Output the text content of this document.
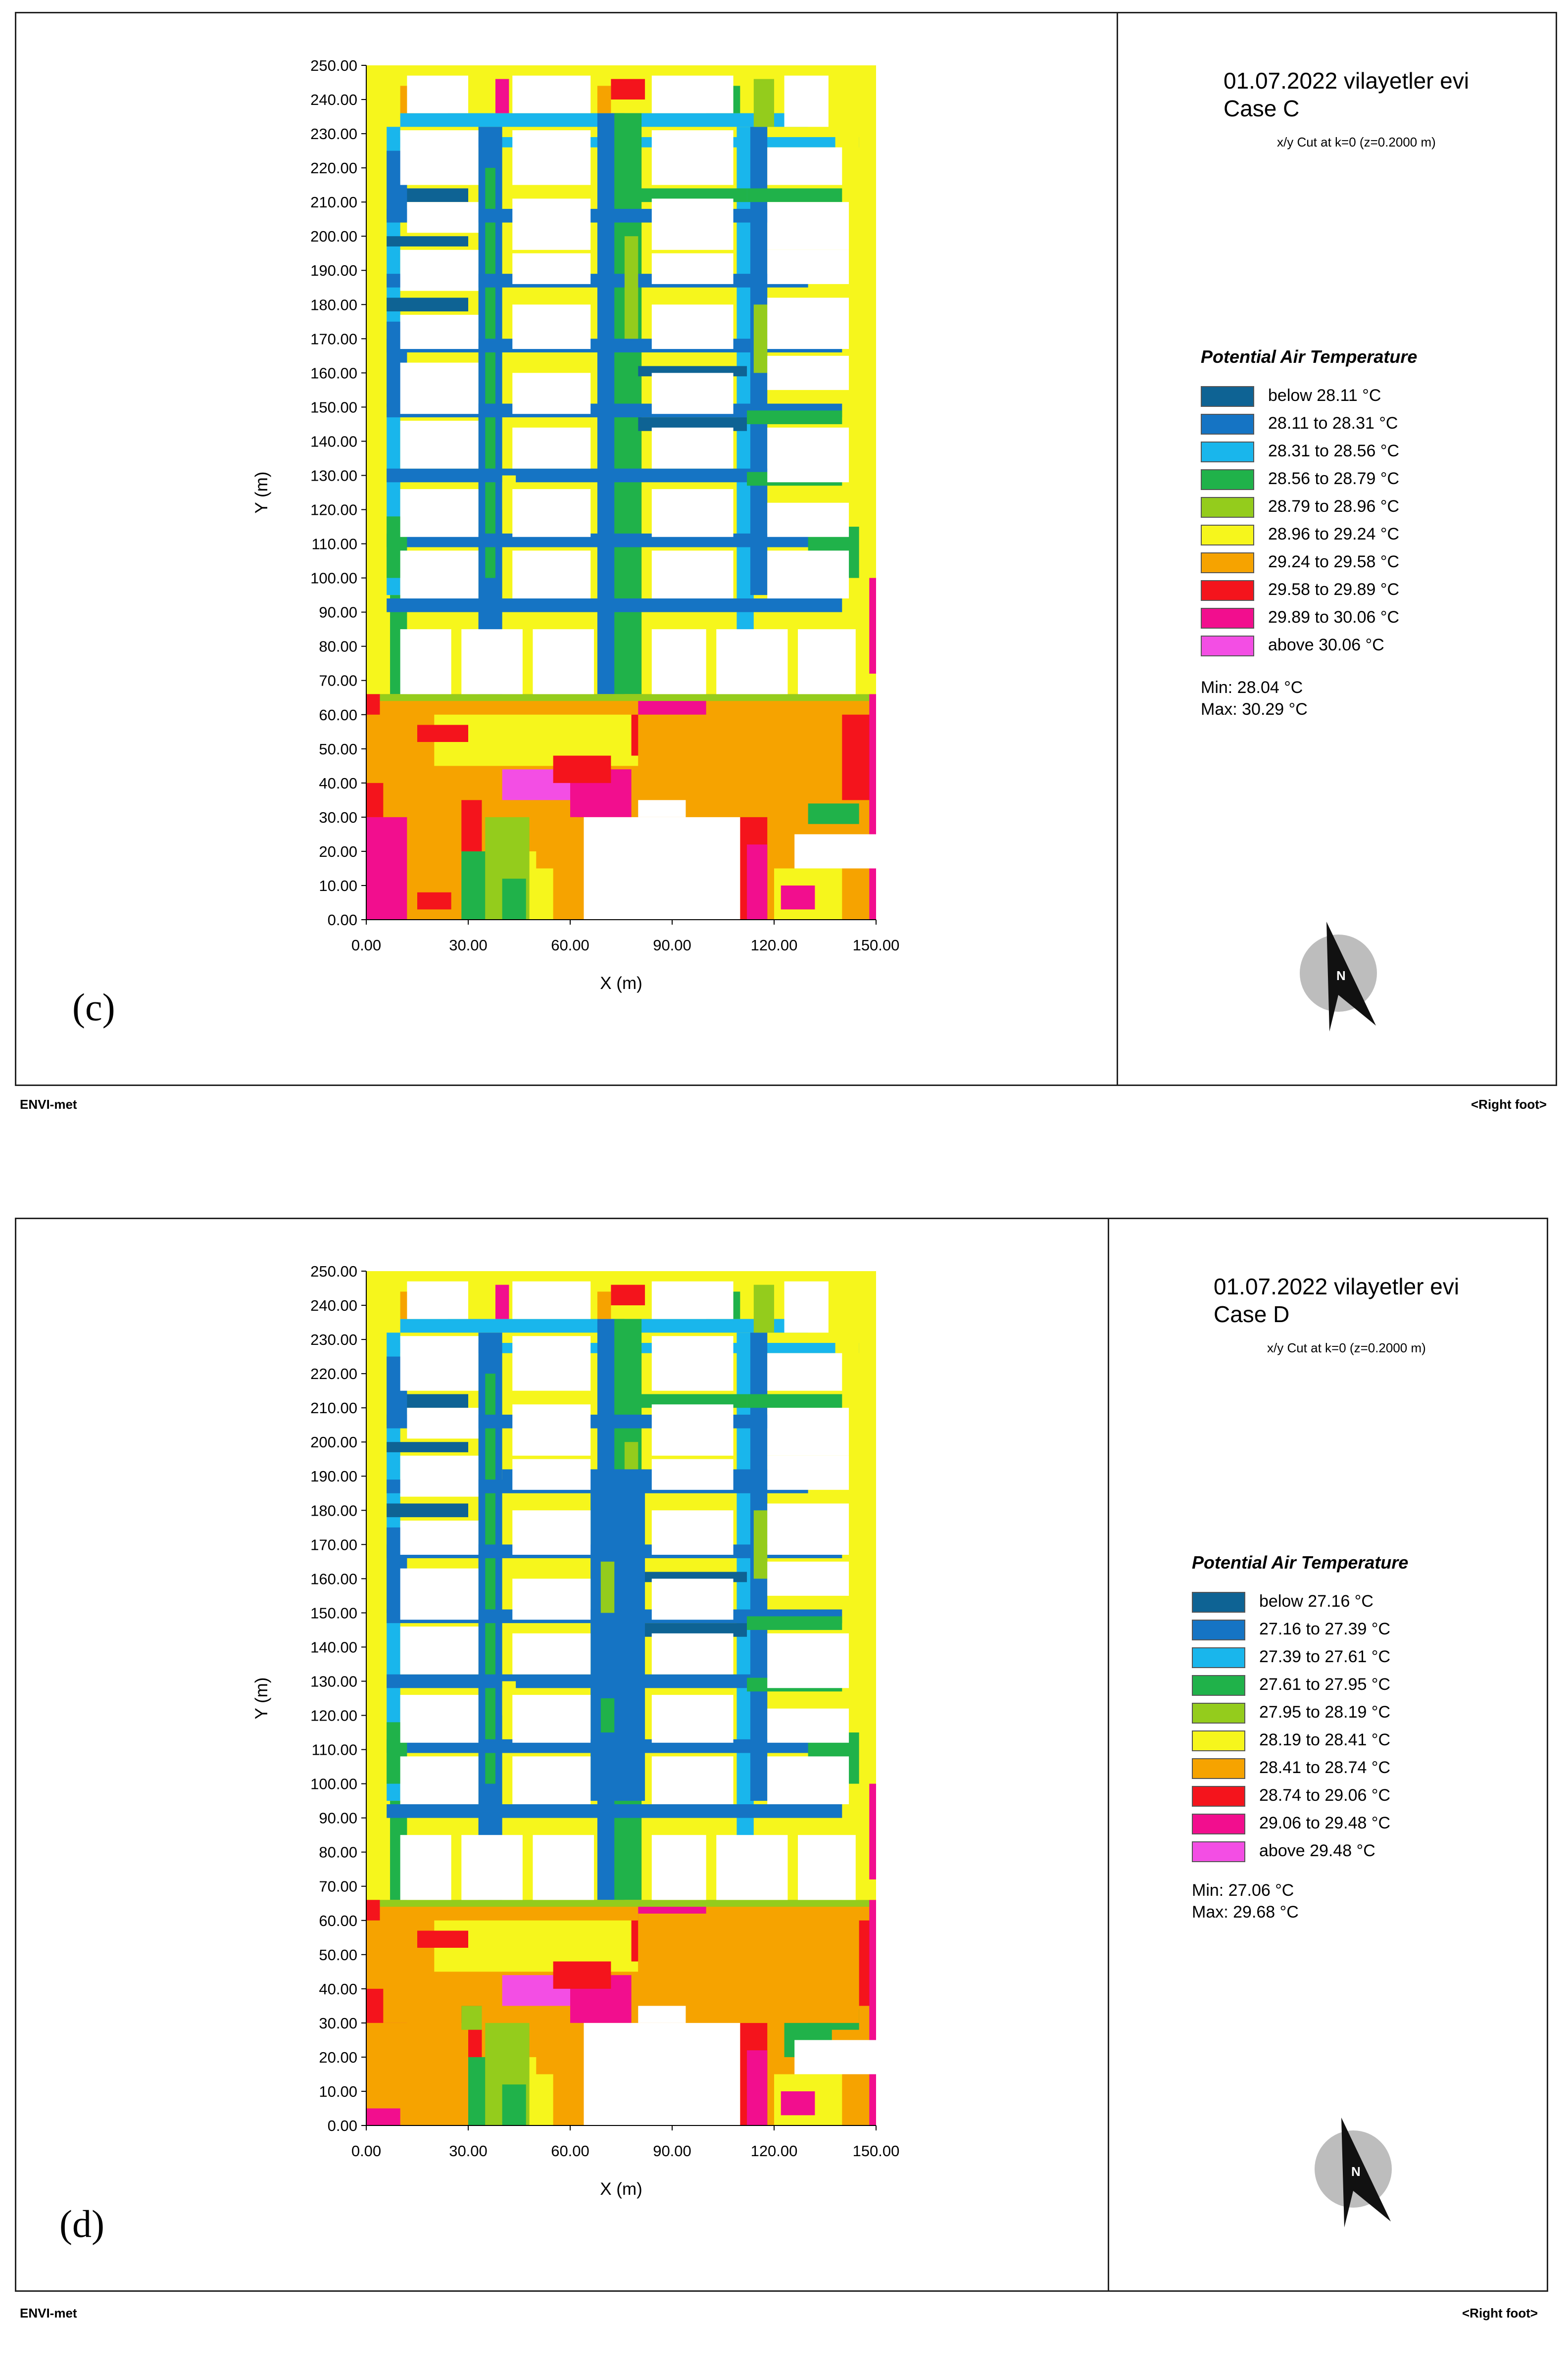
0.00	30.00	60.00	90.00	120.00	150.00
0.00
10.00
20.00
30.00
40.00
50.00
60.00
70.00
80.00
90.00
100.00
110.00
120.00
130.00
140.00
150.00
160.00
170.00
180.00
190.00
200.00
210.00
220.00
230.00
240.00
250.00
X (m)
Y (m)
(c)
01.07.2022 vilayetler evi
Case C
x/y Cut at k=0 (z=0.2000 m)
Potential Air Temperature
below 28.11 °C
28.11 to 28.31 °C
28.31 to 28.56 °C
28.56 to 28.79 °C
28.79 to 28.96 °C
28.96 to 29.24 °C
29.24 to 29.58 °C
29.58 to 29.89 °C
29.89 to 30.06 °C
above 30.06 °C
Min: 28.04 °C
Max: 30.29 °C
N
ENVI-met	<Right foot>
0.00	30.00	60.00	90.00	120.00	150.00
0.00
10.00
20.00
30.00
40.00
50.00
60.00
70.00
80.00
90.00
100.00
110.00
120.00
130.00
140.00
150.00
160.00
170.00
180.00
190.00
200.00
210.00
220.00
230.00
240.00
250.00
X (m)
Y (m)
(d)
01.07.2022 vilayetler evi
Case D
x/y Cut at k=0 (z=0.2000 m)
Potential Air Temperature
below 27.16 °C
27.16 to 27.39 °C
27.39 to 27.61 °C
27.61 to 27.95 °C
27.95 to 28.19 °C
28.19 to 28.41 °C
28.41 to 28.74 °C
28.74 to 29.06 °C
29.06 to 29.48 °C
above 29.48 °C
Min: 27.06 °C
Max: 29.68 °C
N
ENVI-met	<Right foot>
